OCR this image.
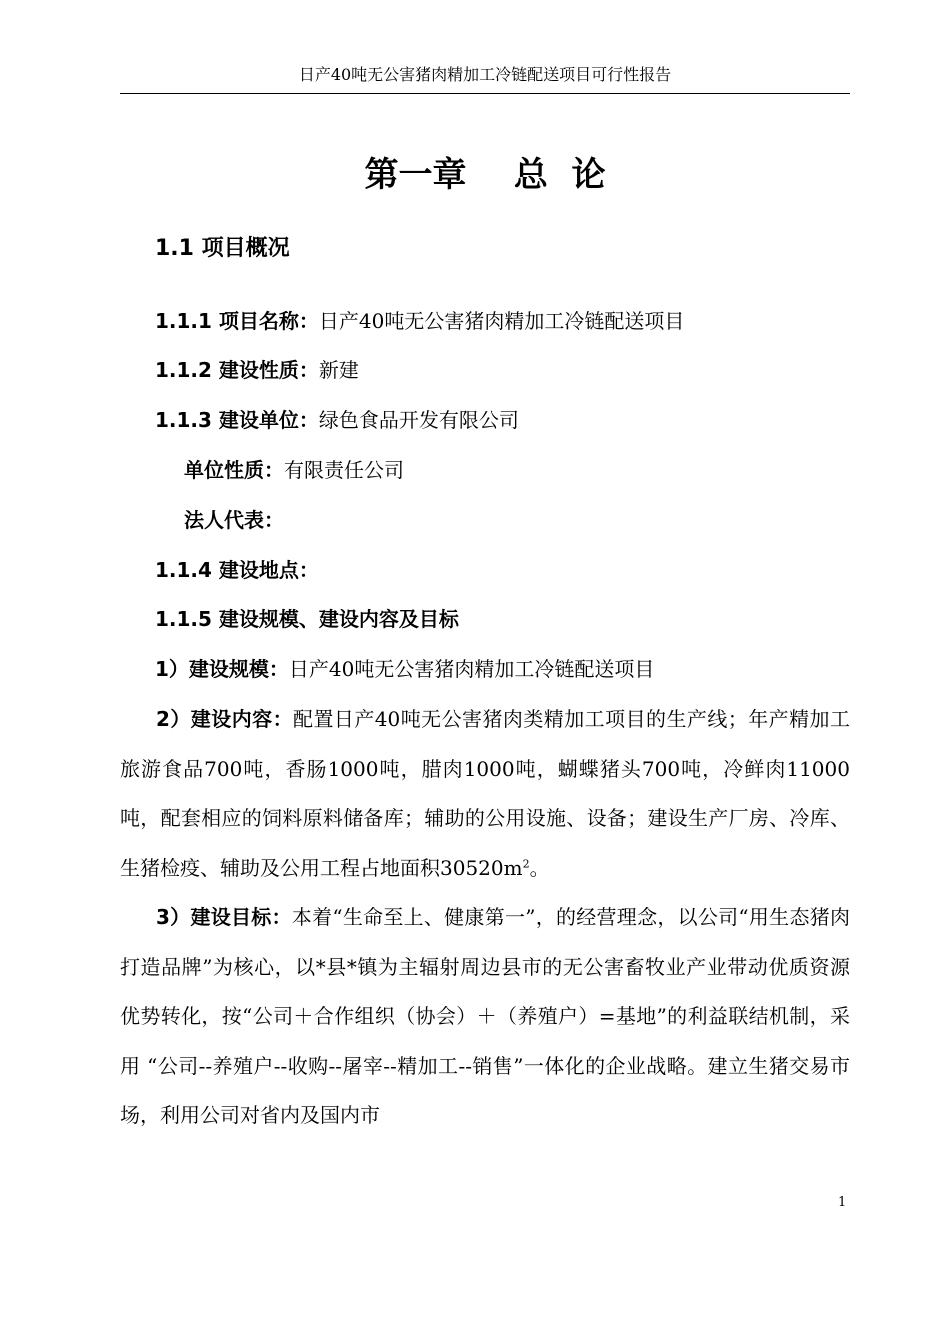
日产40吨无公害猪肉精加工冷链配送项目可行性报告
第一章    总  论
1.1 项目概况
1.1.1 项目名称：日产40吨无公害猪肉精加工冷链配送项目
1.1.2 建设性质：新建
1.1.3 建设单位：绿色食品开发有限公司
单位性质：有限责任公司
法人代表：
1.1.4 建设地点：
1.1.5 建设规模、建设内容及目标
1）建设规模：日产40吨无公害猪肉精加工冷链配送项目
2）建设内容：配置日产40吨无公害猪肉类精加工项目的生产线；年产精加工旅游食品700吨，香肠1000吨，腊肉1000吨，蝴蝶猪头700吨，冷鲜肉11000吨，配套相应的饲料原料储备库；辅助的公用设施、设备；建设生产厂房、冷库、生猪检疫、辅助及公用工程占地面积$30520m^2$。
3）建设目标：本着“生命至上、健康第一”，的经营理念，以公司“用生态猪肉打造品牌”为核心，以*县*镇为主辐射周边县市的无公害畜牧业产业带动优质资源优势转化，按“公司＋合作组织（协会）＋（养殖户）=基地”的利益联结机制，采用 “公司--养殖户--收购--屠宰--精加工--销售”一体化的企业战略。建立生猪交易市场，利用公司对省内及国内市
1
